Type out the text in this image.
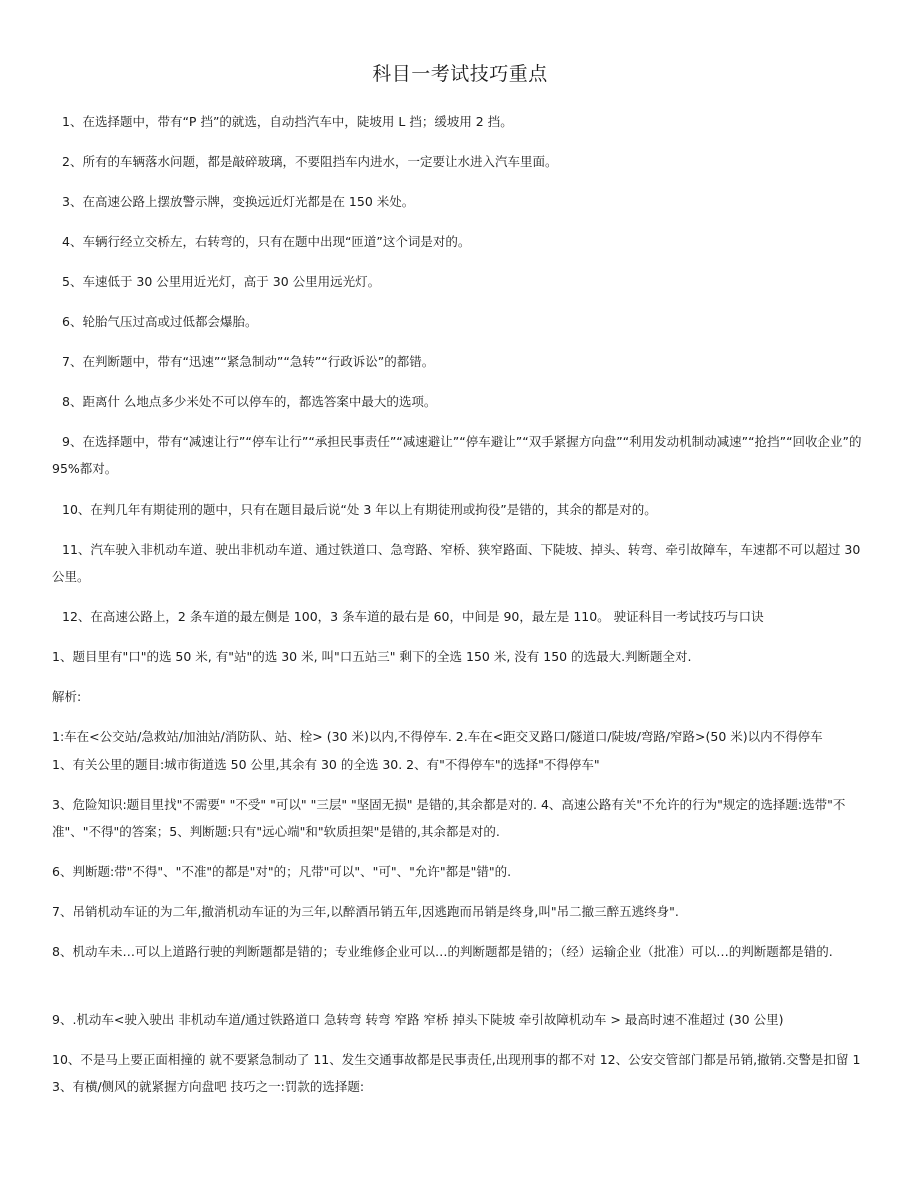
科目一考试技巧重点
1、在选择题中，带有“P 挡”的就选，自动挡汽车中，陡坡用 L 挡；缓坡用 2 挡。
2、所有的车辆落水问题，都是敲碎玻璃，不要阻挡车内进水，一定要让水进入汽车里面。
3、在高速公路上摆放警示牌，变换远近灯光都是在 150 米处。
4、车辆行经立交桥左，右转弯的，只有在题中出现“匝道”这个词是对的。
5、车速低于 30 公里用近光灯，高于 30 公里用远光灯。
6、轮胎气压过高或过低都会爆胎。
7、在判断题中，带有“迅速”“紧急制动”“急转”“行政诉讼”的都错。
8、距离什 么地点多少米处不可以停车的，都选答案中最大的选项。
9、在选择题中，带有“减速让行”“停车让行”“承担民事责任”“减速避让”“停车避让”“双手紧握方向盘”“利用发动机制动减速”“抢挡”“回收企业”的 95%都对。
10、在判几年有期徒刑的题中，只有在题目最后说“处 3 年以上有期徒刑或拘役”是错的，其余的都是对的。
11、汽车驶入非机动车道、驶出非机动车道、通过铁道口、急弯路、窄桥、狭窄路面、下陡坡、掉头、转弯、牵引故障车，车速都不可以超过 30 公里。
12、在高速公路上，2 条车道的最左侧是 100，3 条车道的最右是 60，中间是 90，最左是 110。 驶证科目一考试技巧与口诀
1、题目里有"口"的选 50 米, 有"站"的选 30 米, 叫"口五站三" 剩下的全选 150 米, 没有 150 的选最大.判断题全对.
解析:
1:车在<公交站/急救站/加油站/消防队、站、栓> (30 米)以内,不得停车. 2.车在<距交叉路口/隧道口/陡坡/弯路/窄路>(50 米)以内不得停车
1、有关公里的题目:城市街道选 50 公里,其余有 30 的全选 30. 2、有"不得停车"的选择"不得停车"
3、危险知识:题目里找"不需要" "不受" "可以" "三层" "坚固无损" 是错的,其余都是对的. 4、高速公路有关"不允许的行为"规定的选择题:选带"不准"、"不得"的答案；5、判断题:只有"远心端"和"软质担架"是错的,其余都是对的.
6、判断题:带"不得"、"不准"的都是"对"的；凡带"可以"、"可"、"允许"都是"错"的.
7、吊销机动车证的为二年,撤消机动车证的为三年,以醉酒吊销五年,因逃跑而吊销是终身,叫"吊二撤三醉五逃终身".
8、机动车未…可以上道路行驶的判断题都是错的；专业维修企业可以…的判断题都是错的；（经）运输企业（批准）可以…的判断题都是错的.
9、.机动车<驶入驶出 非机动车道/通过铁路道口 急转弯 转弯 窄路 窄桥 掉头下陡坡 牵引故障机动车 > 最高时速不准超过 (30 公里)
10、不是马上要正面相撞的 就不要紧急制动了 11、发生交通事故都是民事责任,出现刑事的都不对 12、公安交管部门都是吊销,撤销.交警是扣留 13、有横/侧风的就紧握方向盘吧 技巧之一:罚款的选择题:
